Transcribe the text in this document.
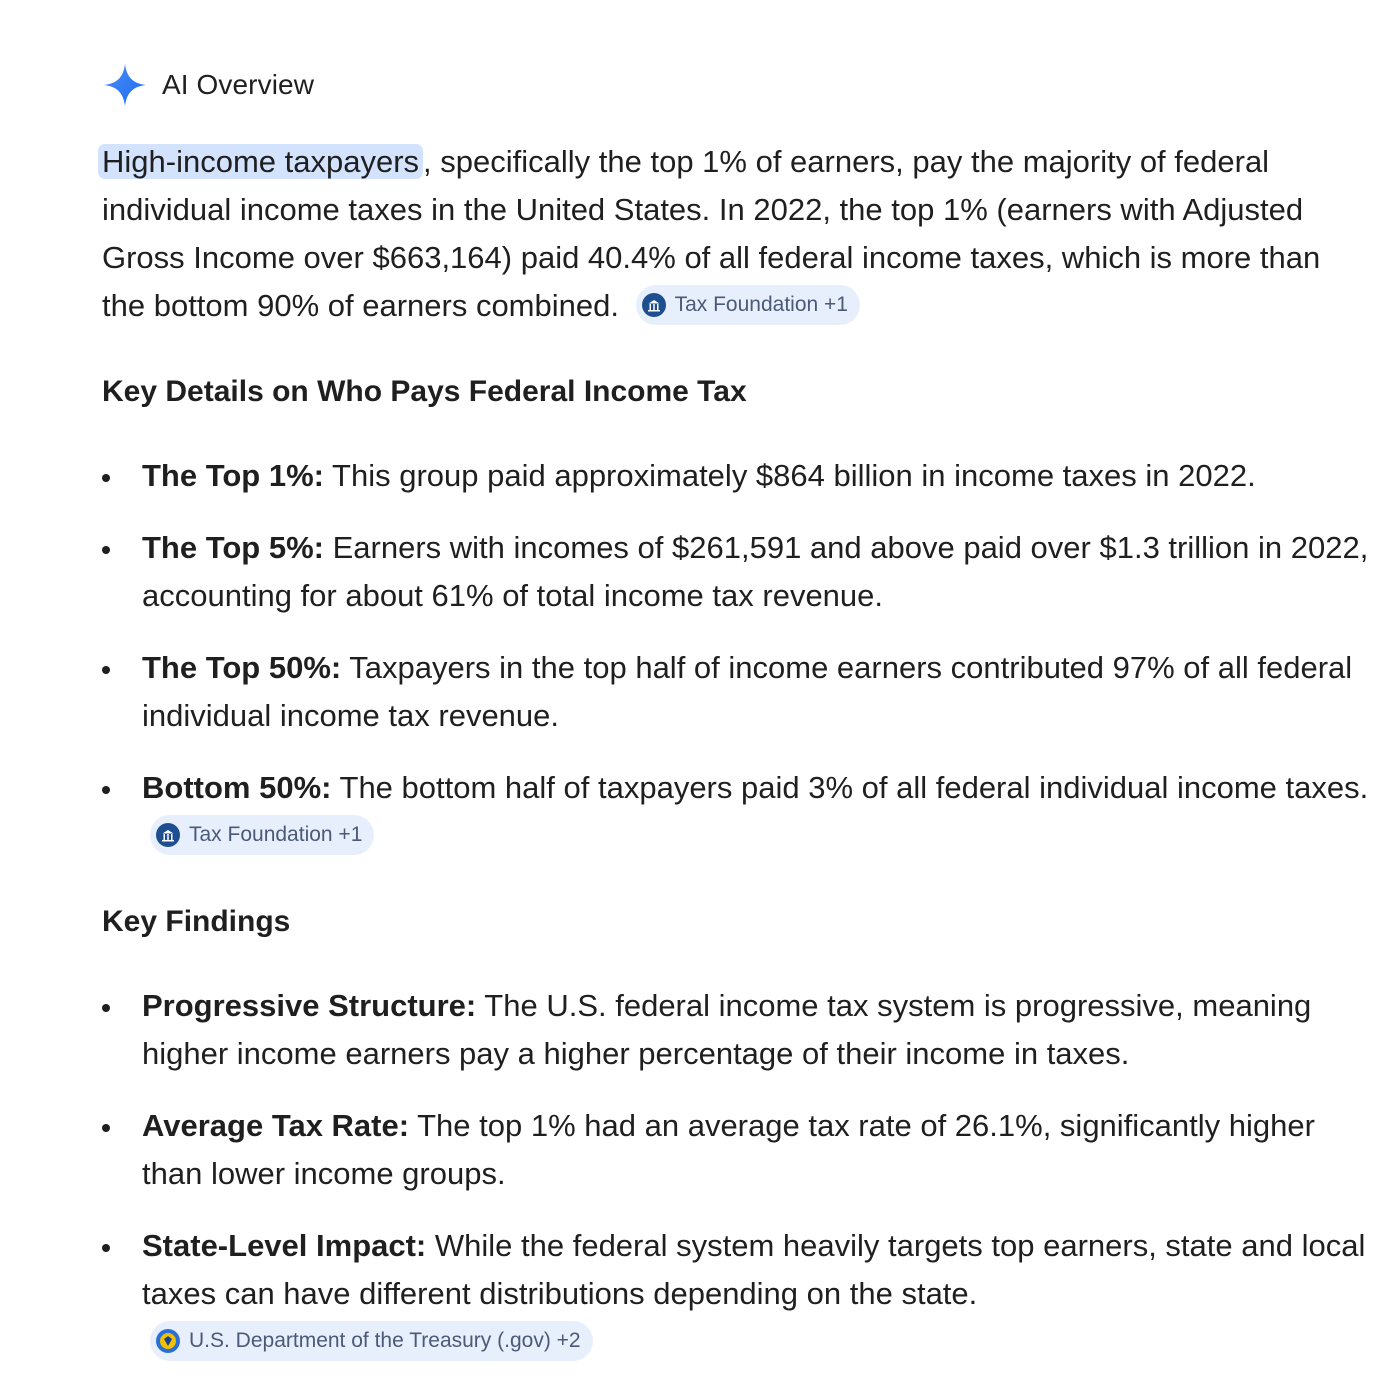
AI Overview

High-income taxpayers , specifically the top 1% of earners, pay the majority of federal individual income taxes in the United States. In 2022, the top 1% (earners with Adjusted Gross Income over $663,164) paid 40.4% of all federal income taxes, which is more than the bottom 90% of earners combined.	Tax Foundation +1

Key Details on Who Pays Federal Income Tax
The Top 1%: This group paid approximately $864 billion in income taxes in 2022.
The Top 5%: Earners with incomes of $261,591 and above paid over $1.3 trillion in 2022, accounting for about 61% of total income tax revenue.
The Top 50%: Taxpayers in the top half of income earners contributed 97% of all federal individual income tax revenue.
Bottom 50%: The bottom half of taxpayers paid 3% of all federal individual income taxes.
Tax Foundation +1
Key Findings
Progressive Structure: The U.S. federal income tax system is progressive, meaning higher income earners pay a higher percentage of their income in taxes.
Average Tax Rate: The top 1% had an average tax rate of 26.1%, significantly higher than lower income groups.
State-Level Impact: While the federal system heavily targets top earners, state and local taxes can have different distributions depending on the state.
U.S. Department of the Treasury (.gov) +2
